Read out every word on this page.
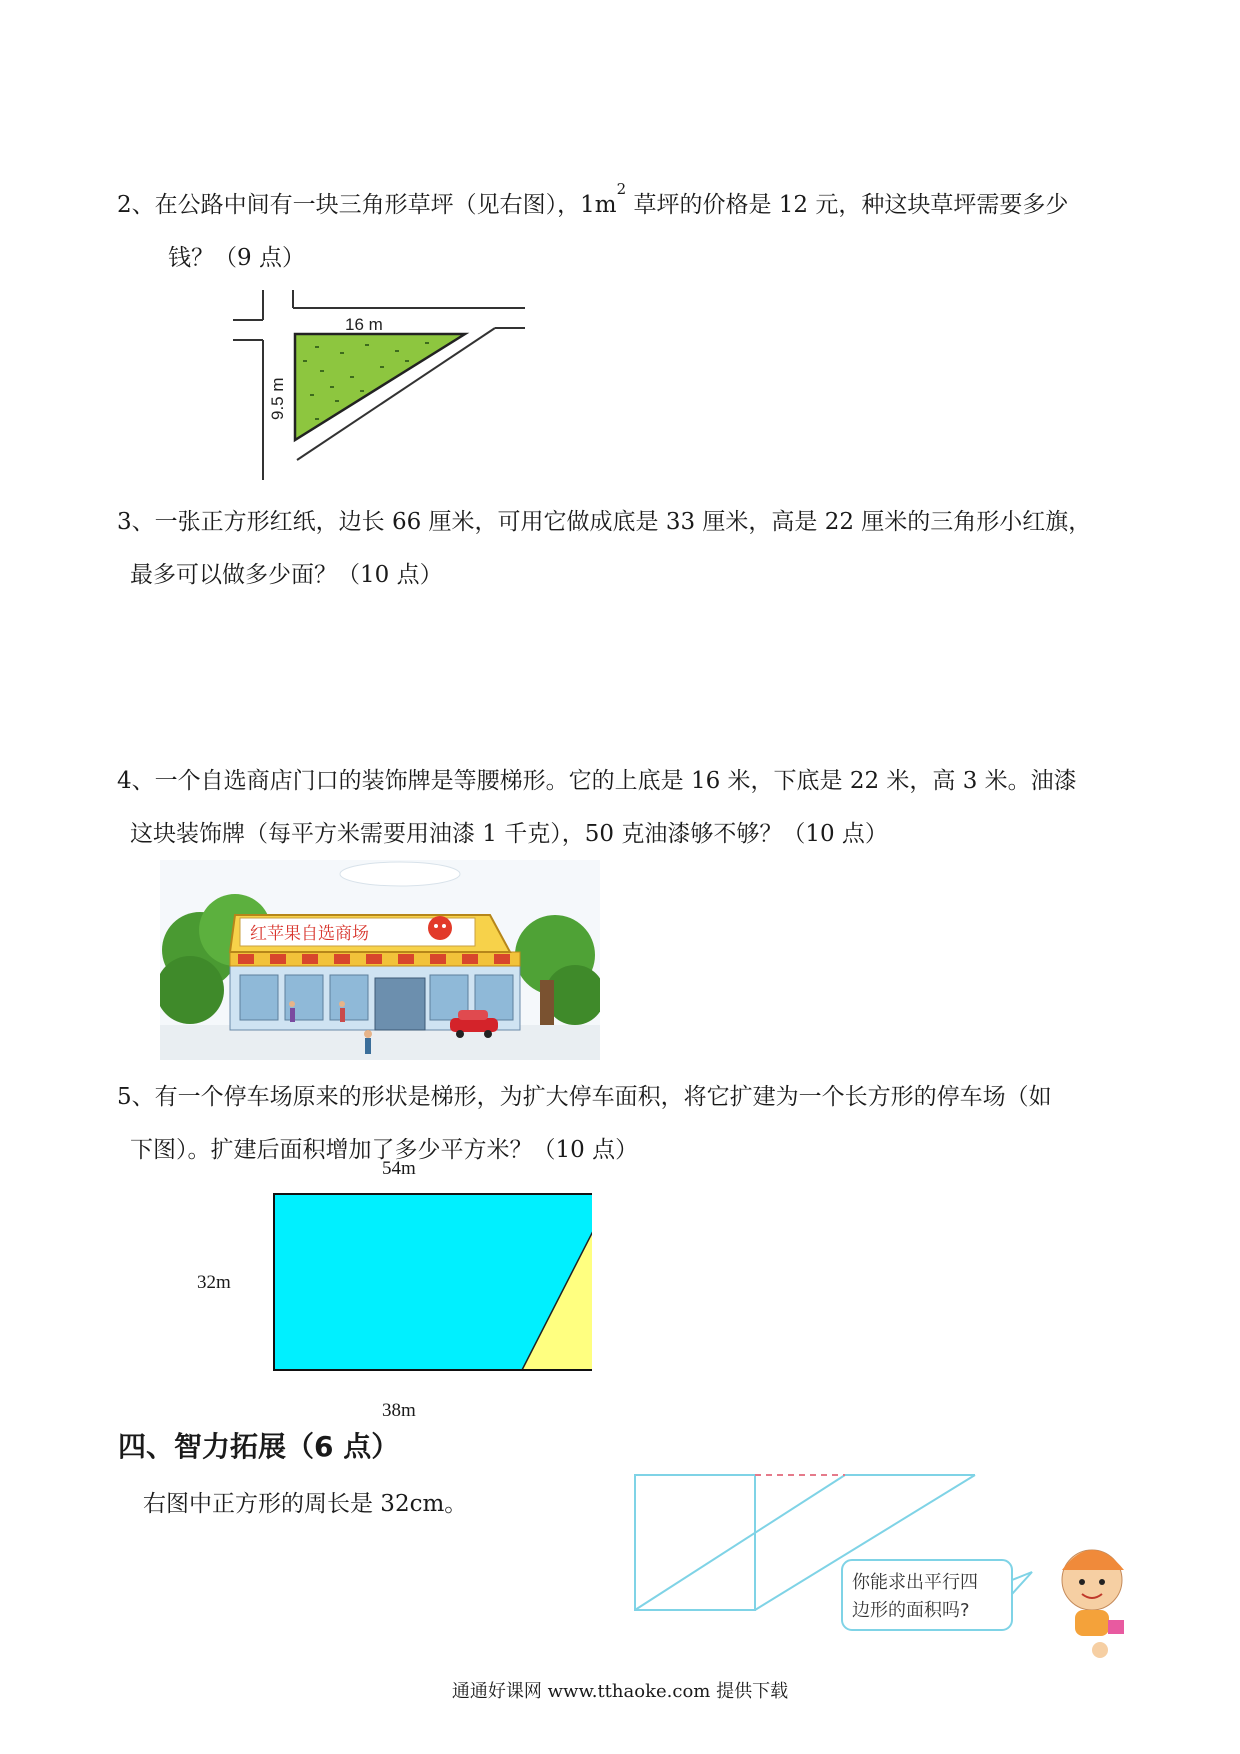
2、在公路中间有一块三角形草坪（见右图），$1m^2$ 草坪的价格是 12 元，种这块草坪需要多少
钱？（9 点）
16 m
9.5 m
3、一张正方形红纸，边长 66 厘米，可用它做成底是 33 厘米，高是 22 厘米的三角形小红旗，
最多可以做多少面？（10 点）
4、一个自选商店门口的装饰牌是等腰梯形。它的上底是 16 米，下底是 22 米，高 3 米。油漆
这块装饰牌（每平方米需要用油漆 1 千克），50 克油漆够不够？（10 点）
红苹果自选商场
5、有一个停车场原来的形状是梯形，为扩大停车面积，将它扩建为一个长方形的停车场（如
下图）。扩建后面积增加了多少平方米？（10 点）
54m
32m
38m
四、智力拓展（6 点）
右图中正方形的周长是 32cm。
你能求出平行四
边形的面积吗?
通通好课网 www.tthaoke.com 提供下载
